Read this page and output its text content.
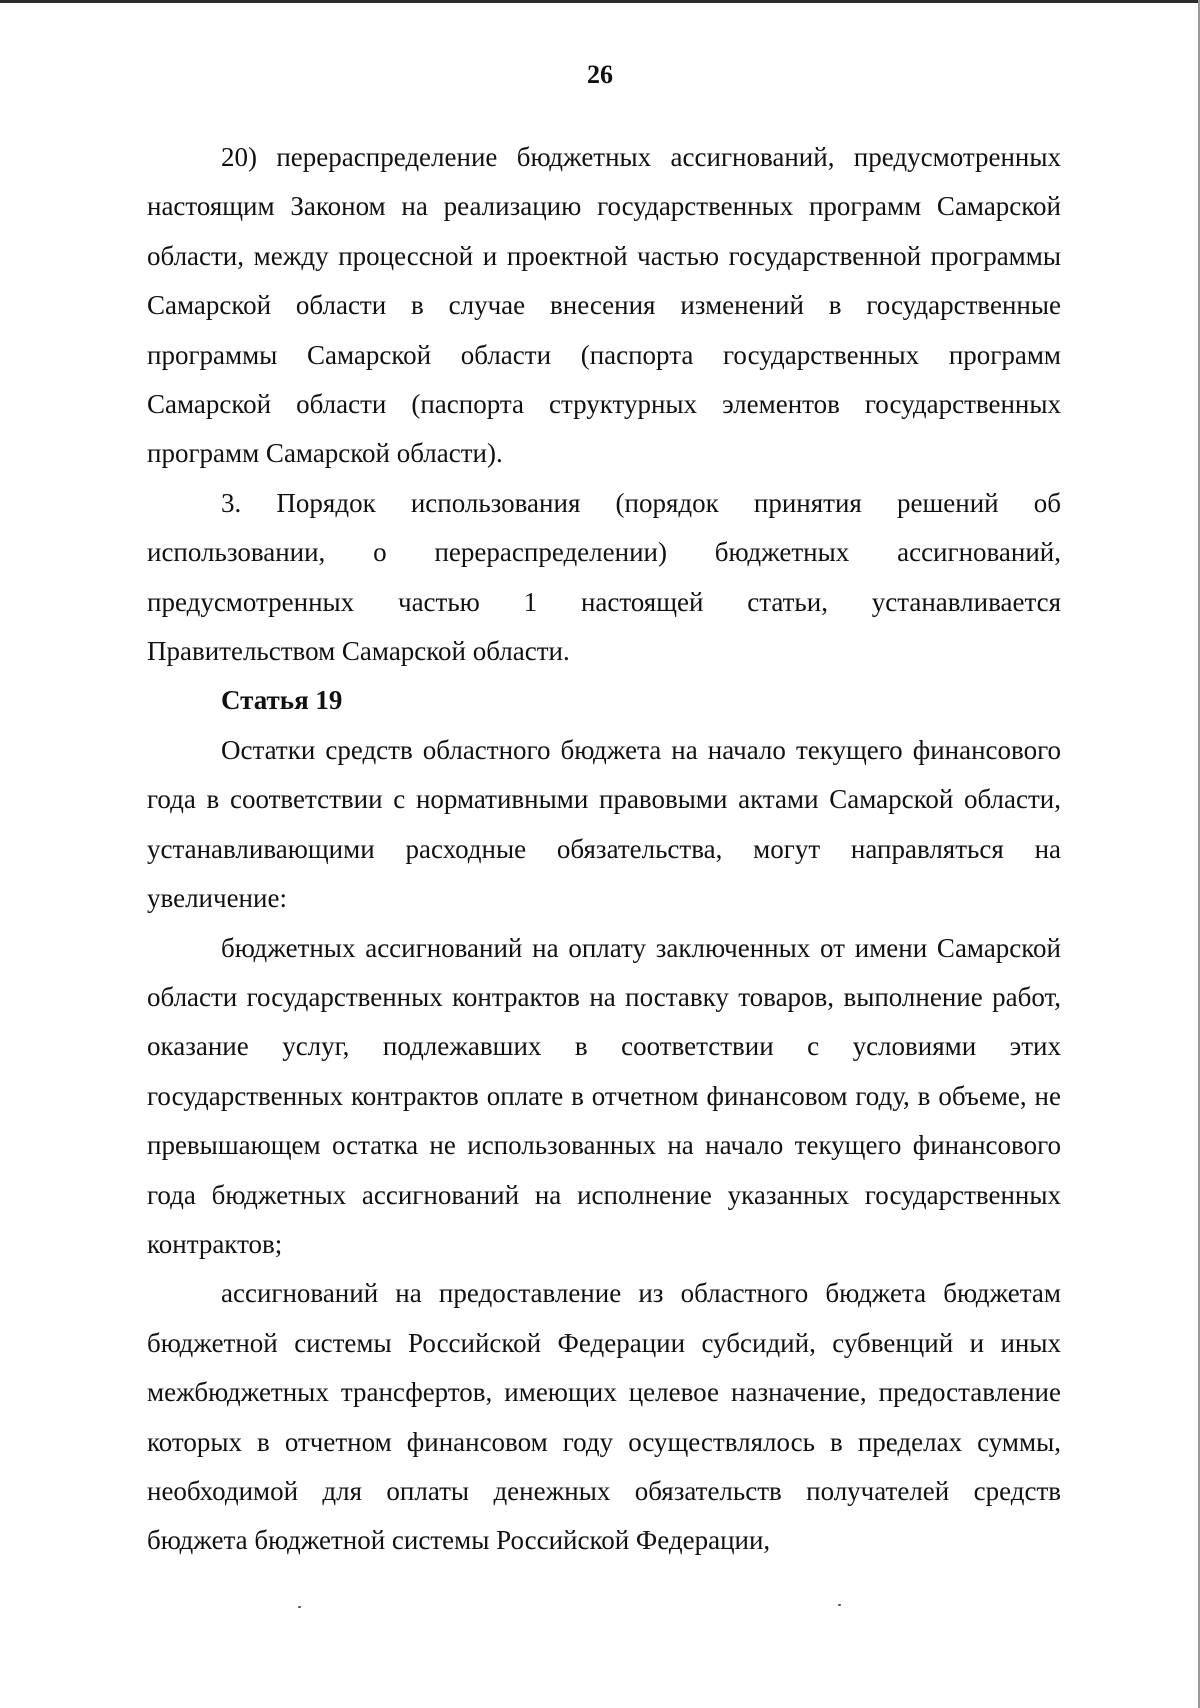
26

20) перераспределение бюджетных ассигнований, предусмотренных настоящим Законом на реализацию государственных программ Самарской области, между процессной и проектной частью государственной программы Самарской области в случае внесения изменений в государственные программы Самарской области (паспорта государственных программ Самарской области (паспорта структурных элементов государственных программ Самарской области).

3. Порядок использования (порядок принятия решений об использовании, о перераспределении) бюджетных ассигнований, предусмотренных частью 1 настоящей статьи, устанавливается Правительством Самарской области.

Статья 19

Остатки средств областного бюджета на начало текущего финансового года в соответствии с нормативными правовыми актами Самарской области, устанавливающими расходные обязательства, могут направляться на увеличение:

бюджетных ассигнований на оплату заключенных от имени Самарской области государственных контрактов на поставку товаров, выполнение работ, оказание услуг, подлежавших в соответствии с условиями этих государственных контрактов оплате в отчетном финансовом году, в объеме, не превышающем остатка не использованных на начало текущего финансового года бюджетных ассигнований на исполнение указанных государственных контрактов;

ассигнований на предоставление из областного бюджета бюджетам бюджетной системы Российской Федерации субсидий, субвенций и иных межбюджетных трансфертов, имеющих целевое назначение, предоставление которых в отчетном финансовом году осуществлялось в пределах суммы, необходимой для оплаты денежных обязательств получателей средств бюджета бюджетной системы Российской Федерации,
